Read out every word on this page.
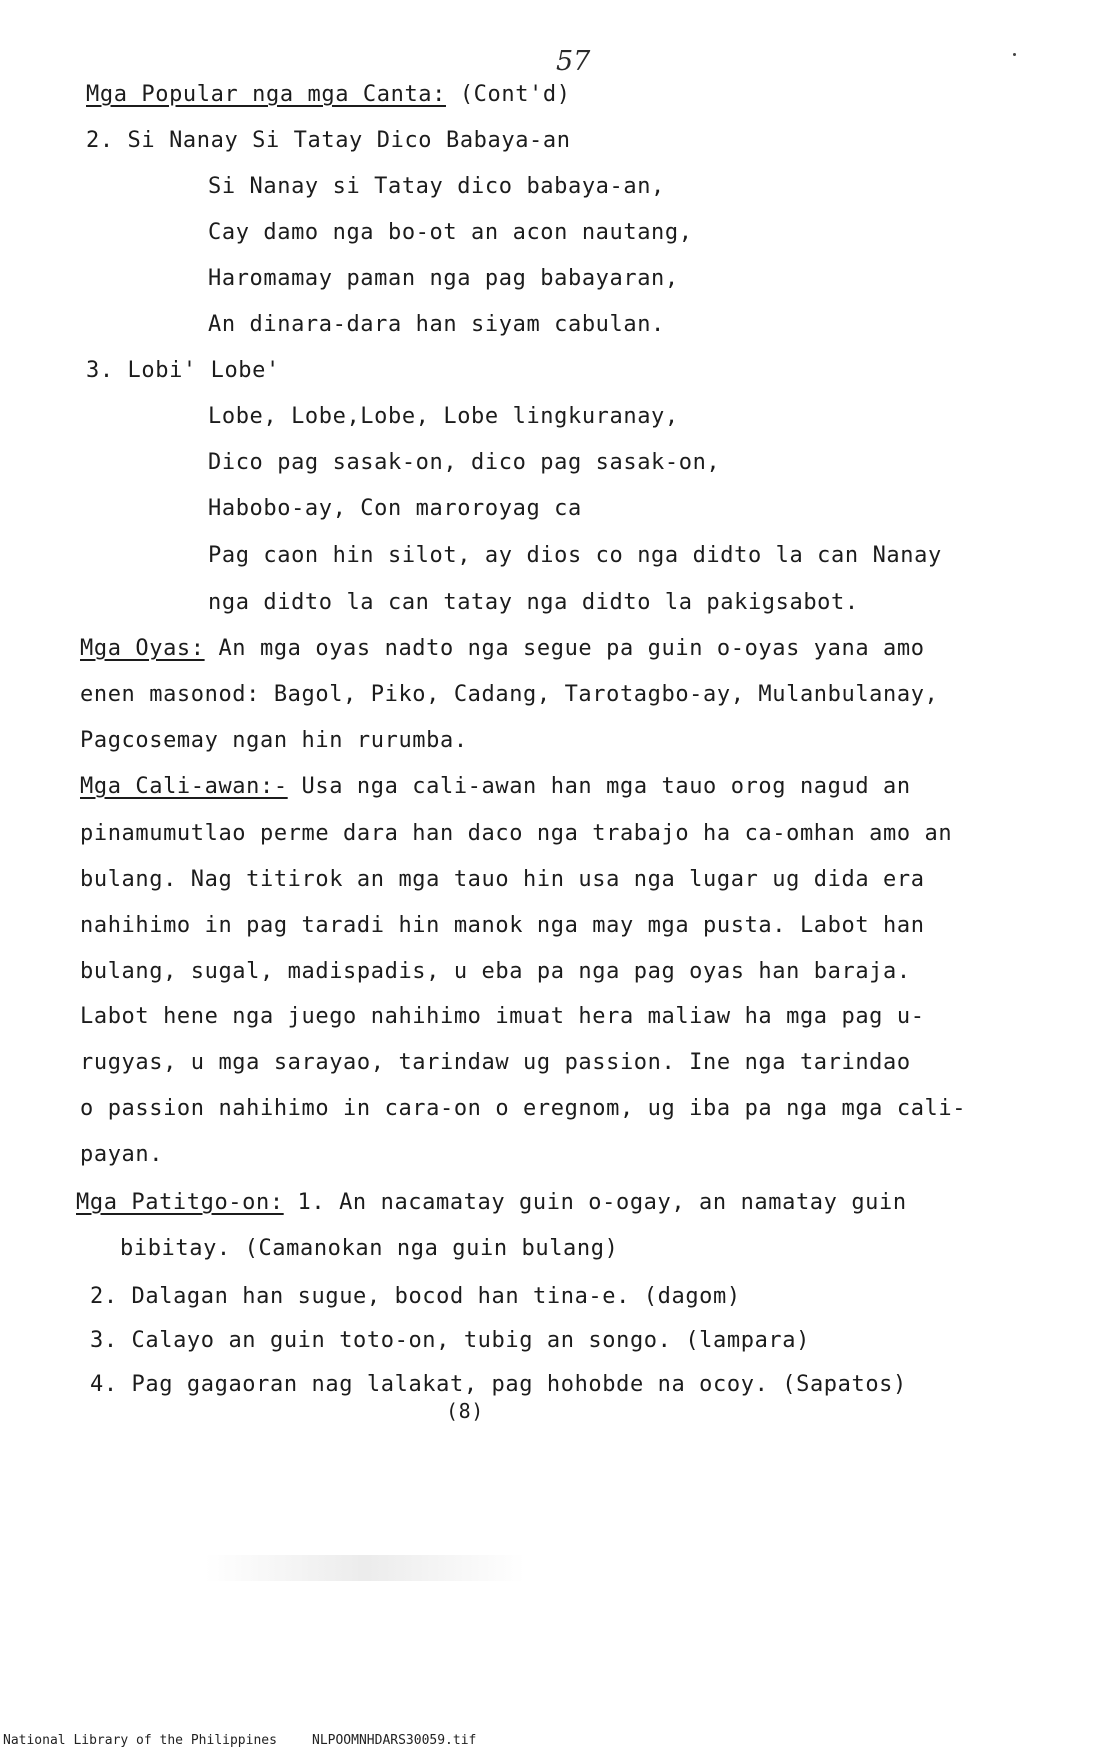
57
Mga Popular nga mga Canta: (Cont'd)
2. Si Nanay Si Tatay Dico Babaya-an
Si Nanay si Tatay dico babaya-an,
Cay damo nga bo-ot an acon nautang,
Haromamay paman nga pag babayaran,
An dinara-dara han siyam cabulan.
3. Lobi' Lobe'
Lobe, Lobe,Lobe, Lobe lingkuranay,
Dico pag sasak-on, dico pag sasak-on,
Habobo-ay, Con maroroyag ca
Pag caon hin silot, ay dios co nga didto la can Nanay
nga didto la can tatay nga didto la pakigsabot.
Mga Oyas: An mga oyas nadto nga segue pa guin o-oyas yana amo
enen masonod: Bagol, Piko, Cadang, Tarotagbo-ay, Mulanbulanay,
Pagcosemay ngan hin rurumba.
Mga Cali-awan:- Usa nga cali-awan han mga tauo orog nagud an
pinamumutlao perme dara han daco nga trabajo ha ca-omhan amo an
bulang. Nag titirok an mga tauo hin usa nga lugar ug dida era
nahihimo in pag taradi hin manok nga may mga pusta. Labot han
bulang, sugal, madispadis, u eba pa nga pag oyas han baraja.
Labot hene nga juego nahihimo imuat hera maliaw ha mga pag u-
rugyas, u mga sarayao, tarindaw ug passion. Ine nga tarindao
o passion nahihimo in cara-on o eregnom, ug iba pa nga mga cali-
payan.
Mga Patitgo-on: 1. An nacamatay guin o-ogay, an namatay guin
bibitay. (Camanokan nga guin bulang)
2. Dalagan han sugue, bocod han tina-e. (dagom)
3. Calayo an guin toto-on, tubig an songo. (lampara)
4. Pag gagaoran nag lalakat, pag hohobde na ocoy. (Sapatos)
(8)
National Library of the Philippines	NLPOOMNHDARS30059.tif
